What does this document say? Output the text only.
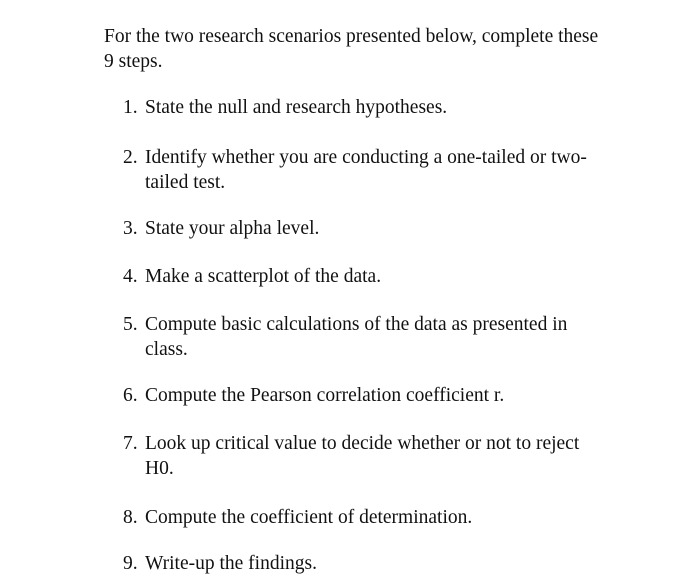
For the two research scenarios presented below, complete these 9 steps.

1. State the null and research hypotheses.
2. Identify whether you are conducting a one-tailed or two-tailed test.
3. State your alpha level.
4. Make a scatterplot of the data.
5. Compute basic calculations of the data as presented in class.
6. Compute the Pearson correlation coefficient r.
7. Look up critical value to decide whether or not to reject H0.
8. Compute the coefficient of determination.
9. Write-up the findings.
